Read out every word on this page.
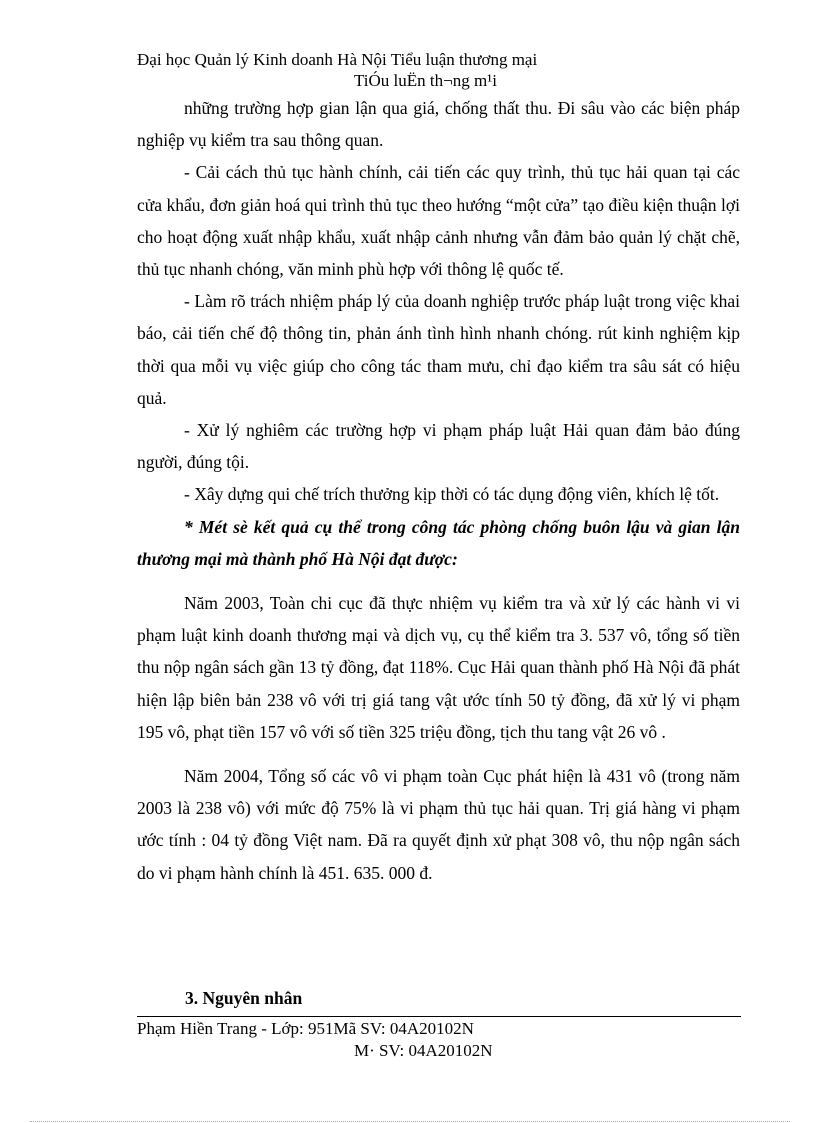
Đại học Quản lý Kinh doanh Hà Nội Tiểu luận thương mại
TiÓu luËn th¬ng m¹i

những trường hợp gian lận qua giá, chống thất thu. Đi sâu vào các biện pháp nghiệp vụ kiểm tra sau thông quan.

- Cải cách thủ tục hành chính, cải tiến các quy trình, thủ tục hải quan tại các cửa khẩu, đơn giản hoá qui trình thủ tục theo hướng “một cửa” tạo điều kiện thuận lợi cho hoạt động xuất nhập khẩu, xuất nhập cảnh nhưng vẫn đảm bảo quản lý chặt chẽ, thủ tục nhanh chóng, văn minh phù hợp với thông lệ quốc tế.

- Làm rõ trách nhiệm pháp lý của doanh nghiệp trước pháp luật trong việc khai báo, cải tiến chế độ thông tin, phản ánh tình hình nhanh chóng. rút kinh nghiệm kịp thời qua mỗi vụ việc giúp cho công tác tham mưu, chỉ đạo kiểm tra sâu sát có hiệu quả.

- Xử lý nghiêm các trường hợp vi phạm pháp luật Hải quan đảm bảo đúng người, đúng tội.

- Xây dựng qui chế trích thưởng kịp thời có tác dụng động viên, khích lệ tốt.

* Mét sè kết quả cụ thể trong công tác phòng chống buôn lậu và gian lận thương mại mà thành phố Hà Nội đạt được:

Năm 2003, Toàn chi cục đã thực nhiệm vụ kiểm tra và xử lý các hành vi vi phạm luật kinh doanh thương mại và dịch vụ, cụ thể kiểm tra 3. 537 vô, tổng số tiền thu nộp ngân sách gần 13 tỷ đồng, đạt 118%. Cục Hải quan thành phố Hà Nội đã phát hiện lập biên bản 238 vô với trị giá tang vật ước tính 50 tỷ đồng, đã xử lý vi phạm 195 vô, phạt tiền 157 vô với số tiền 325 triệu đồng, tịch thu tang vật 26 vô .

Năm 2004, Tổng số các vô vi phạm toàn Cục phát hiện là 431 vô (trong năm 2003 là 238 vô) với mức độ 75% là vi phạm thủ tục hải quan. Trị giá hàng vi phạm ước tính : 04 tỷ đồng Việt nam. Đã ra quyết định xử phạt 308 vô, thu nộp ngân sách do vi phạm hành chính là 451. 635. 000 đ.

3. Nguyên nhân
Phạm Hiền Trang - Lớp: 951Mã SV: 04A20102N
M· SV: 04A20102N
